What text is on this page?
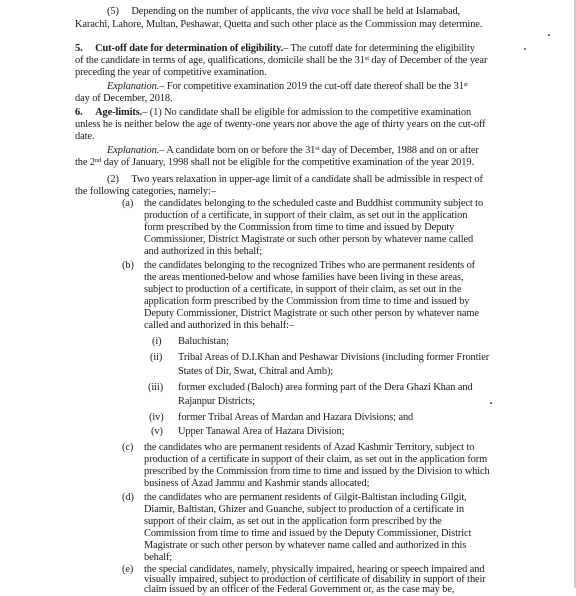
(5) Depending on the number of applicants, the viva voce shall be held at Islamabad,
Karachi, Lahore, Multan, Peshawar, Quetta and such other place as the Commission may determine.
5. Cut-off date for determination of eligibility.– The cutoff date for determining the eligibility
of the candidate in terms of age, qualifications, domicile shall be the 31st day of December of the year
preceding the year of competitive examination.
Explanation.– For competitive examination 2019 the cut-off date thereof shall be the 31st
day of December, 2018.
6. Age-limits.– (1) No candidate shall be eligible for admission to the competitive examination
unless he is neither below the age of twenty-one years nor above the age of thirty years on the cut-off
date.
Explanation.– A candidate born on or before the 31st day of December, 1988 and on or after
the 2nd day of January, 1998 shall not be eligible for the competitive examination of the year 2019.
(2) Two years relaxation in upper-age limit of a candidate shall be admissible in respect of
the following categories, namely:–
(a) the candidates belonging to the scheduled caste and Buddhist community subject to
production of a certificate, in support of their claim, as set out in the application
form prescribed by the Commission from time to time and issued by Deputy
Commissioner, District Magistrate or such other person by whatever name called
and authorized in this behalf;
(b) the candidates belonging to the recognized Tribes who are permanent residents of
the areas mentioned-below and whose families have been living in these areas,
subject to production of a certificate, in support of their claim, as set out in the
application form prescribed by the Commission from time to time and issued by
Deputy Commissioner, District Magistrate or such other person by whatever name
called and authorized in this behalf:–
(i) Baluchistan;
(ii) Tribal Areas of D.I.Khan and Peshawar Divisions (including former Frontier
States of Dir, Swat, Chitral and Amb);
(iii) former excluded (Baloch) area forming part of the Dera Ghazi Khan and
Rajanpur Districts;
(iv) former Tribal Areas of Mardan and Hazara Divisions; and
(v) Upper Tanawal Area of Hazara Division;
(c) the candidates who are permanent residents of Azad Kashmir Territory, subject to
production of a certificate in support of their claim, as set out in the application form
prescribed by the Commission from time to time and issued by the Division to which
business of Azad Jammu and Kashmir stands allocated;
(d) the candidates who are permanent residents of Gilgit-Baltistan including Gilgit,
Diamir, Baltistan, Ghizer and Guanche, subject to production of a certificate in
support of their claim, as set out in the application form prescribed by the
Commission from time to time and issued by the Deputy Commissioner, District
Magistrate or such other person by whatever name called and authorized in this
behalf;
(e) the special candidates, namely, physically impaired, hearing or speech impaired and
visually impaired, subject to production of certificate of disability in support of their
claim issued by an officer of the Federal Government or, as the case may be,
